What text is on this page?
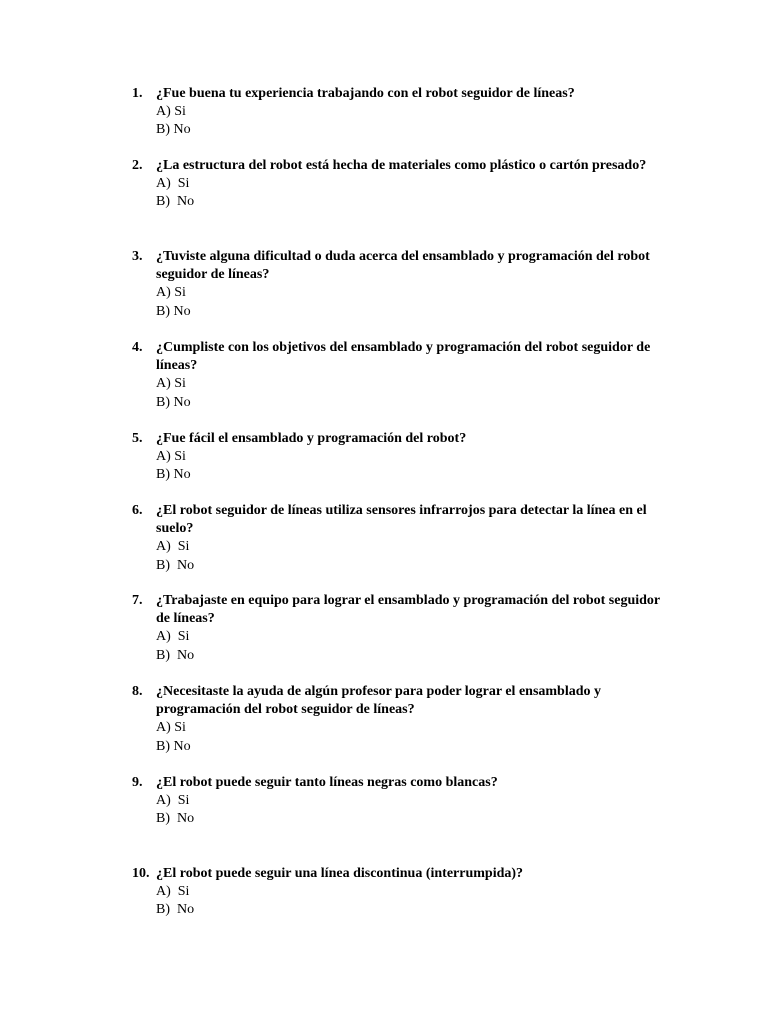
1. ¿Fue buena tu experiencia trabajando con el robot seguidor de líneas?
A) Si
B) No
2. ¿La estructura del robot está hecha de materiales como plástico o cartón presado?
A)  Si
B)  No
3. ¿Tuviste alguna dificultad o duda acerca del ensamblado y programación del robot seguidor de líneas?
A) Si
B) No
4. ¿Cumpliste con los objetivos del ensamblado y programación del robot seguidor de líneas?
A) Si
B) No
5. ¿Fue fácil el ensamblado y programación del robot?
A) Si
B) No
6. ¿El robot seguidor de líneas utiliza sensores infrarrojos para detectar la línea en el suelo?
A)  Si
B)  No
7. ¿Trabajaste en equipo para lograr el ensamblado y programación del robot seguidor de líneas?
A)  Si
B)  No
8. ¿Necesitaste la ayuda de algún profesor para poder lograr el ensamblado y programación del robot seguidor de líneas?
A) Si
B) No
9. ¿El robot puede seguir tanto líneas negras como blancas?
A)  Si
B)  No
10. ¿El robot puede seguir una línea discontinua (interrumpida)?
A)  Si
B)  No
